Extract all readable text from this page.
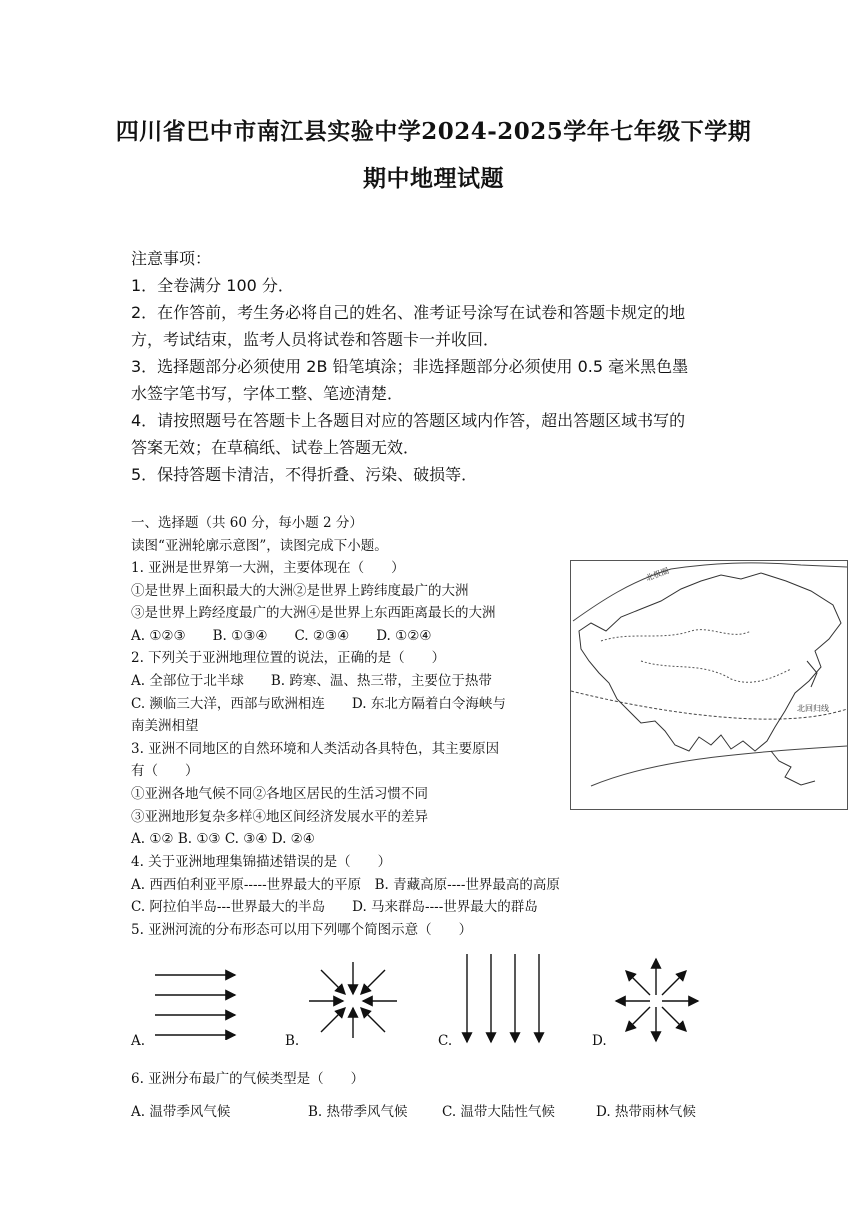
四川省巴中市南江县实验中学2024-2025学年七年级下学期
期中地理试题
注意事项：
1．全卷满分 100 分．
2．在作答前，考生务必将自己的姓名、准考证号涂写在试卷和答题卡规定的地
方，考试结束，监考人员将试卷和答题卡一并收回．
3．选择题部分必须使用 2B 铅笔填涂；非选择题部分必须使用 0.5 毫米黑色墨
水签字笔书写，字体工整、笔迹清楚．
4．请按照题号在答题卡上各题目对应的答题区域内作答，超出答题区域书写的
答案无效；在草稿纸、试卷上答题无效．
5．保持答题卡清洁，不得折叠、污染、破损等．
一、选择题（共 60 分，每小题 2 分）
读图“亚洲轮廓示意图”，读图完成下小题。
1. 亚洲是世界第一大洲，主要体现在（　　）
①是世界上面积最大的大洲②是世界上跨纬度最广的大洲
③是世界上跨经度最广的大洲④是世界上东西距离最长的大洲
A. ①②③　　B. ①③④　　C. ②③④　　D. ①②④
2. 下列关于亚洲地理位置的说法，正确的是（　　）
A. 全部位于北半球　　B. 跨寒、温、热三带，主要位于热带
C. 濒临三大洋，西部与欧洲相连　　D. 东北方隔着白令海峡与
南美洲相望
3. 亚洲不同地区的自然环境和人类活动各具特色，其主要原因
有（　　）
①亚洲各地气候不同②各地区居民的生活习惯不同
③亚洲地形复杂多样④地区间经济发展水平的差异
A. ①② B. ①③ C. ③④ D. ②④
4. 关于亚洲地理集锦描述错误的是（　　）
A. 西西伯利亚平原-----世界最大的平原　B. 青藏高原----世界最高的高原
C. 阿拉伯半岛---世界最大的半岛　　D. 马来群岛----世界最大的群岛
5. 亚洲河流的分布形态可以用下列哪个简图示意（　　）
北极圈
北回归线
A.	B.	C.	D.
6. 亚洲分布最广的气候类型是（　　）
A. 温带季风气候	B. 热带季风气候	C. 温带大陆性气候	D. 热带雨林气候
